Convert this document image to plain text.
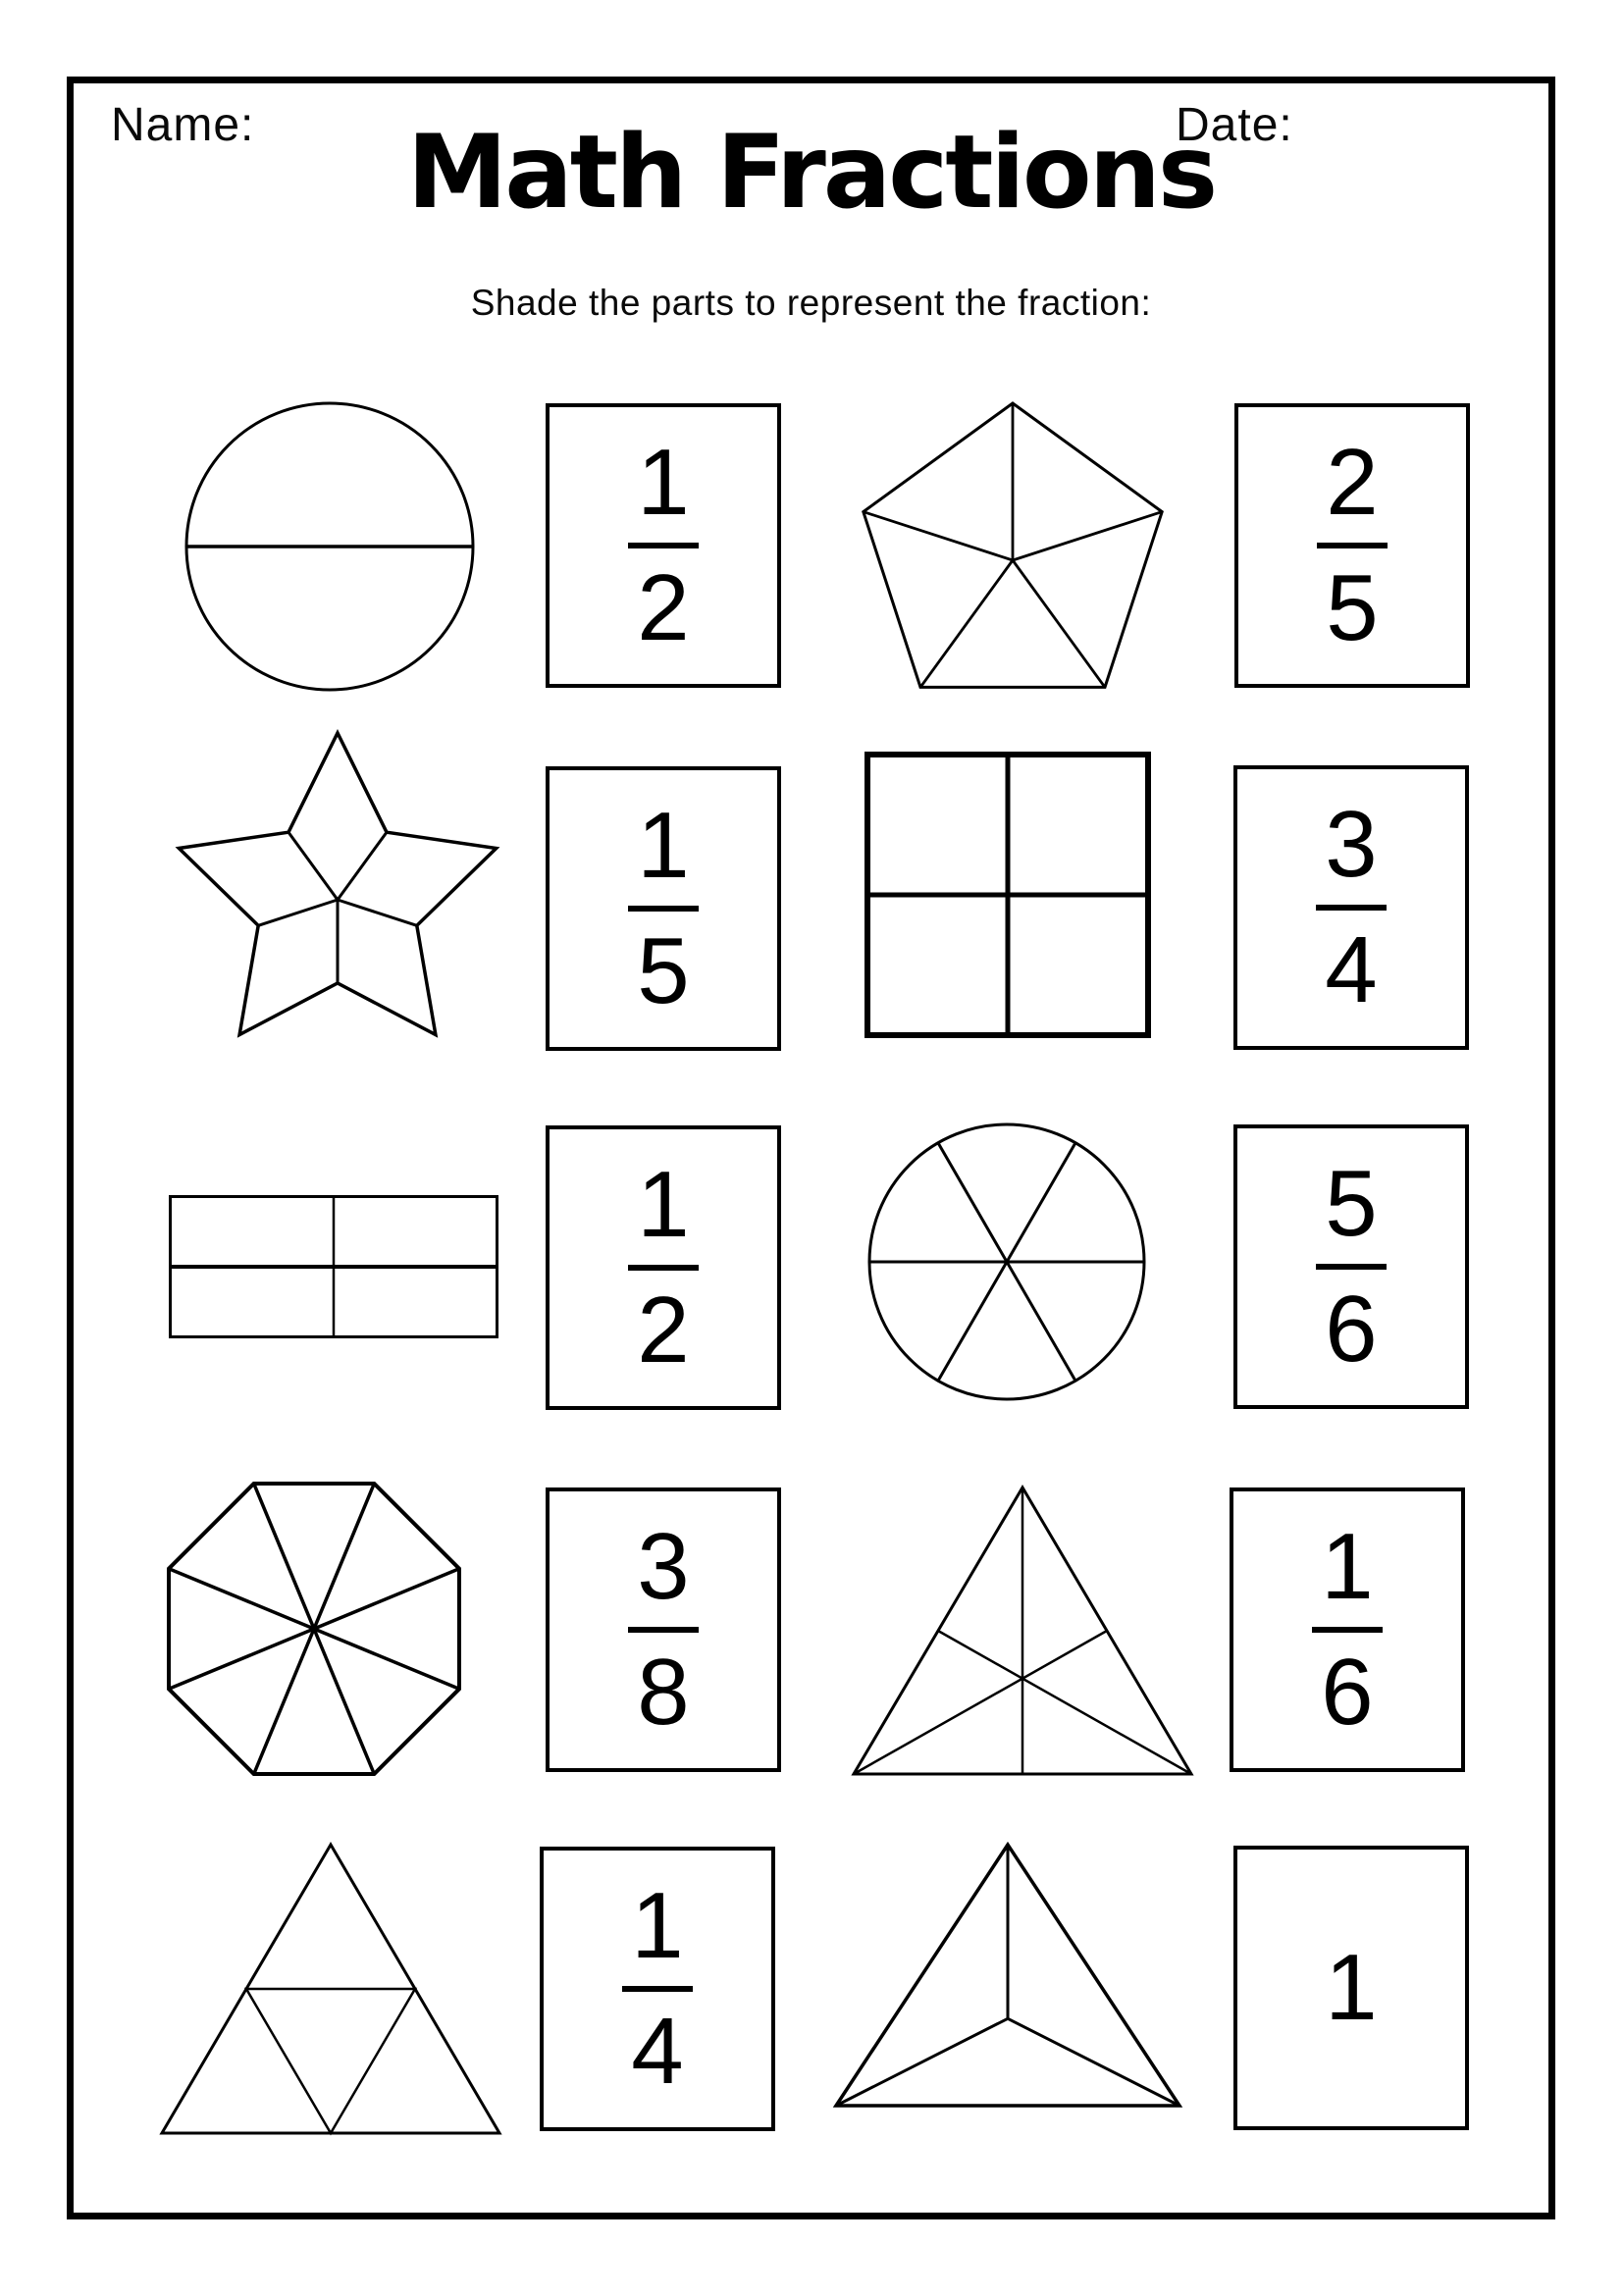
Name:	Date:
Math Fractions
Shade the parts to represent the fraction:
1
2
2
5
1
5
3
4
1
2
5
6
3
8
1
6
1
4
1
